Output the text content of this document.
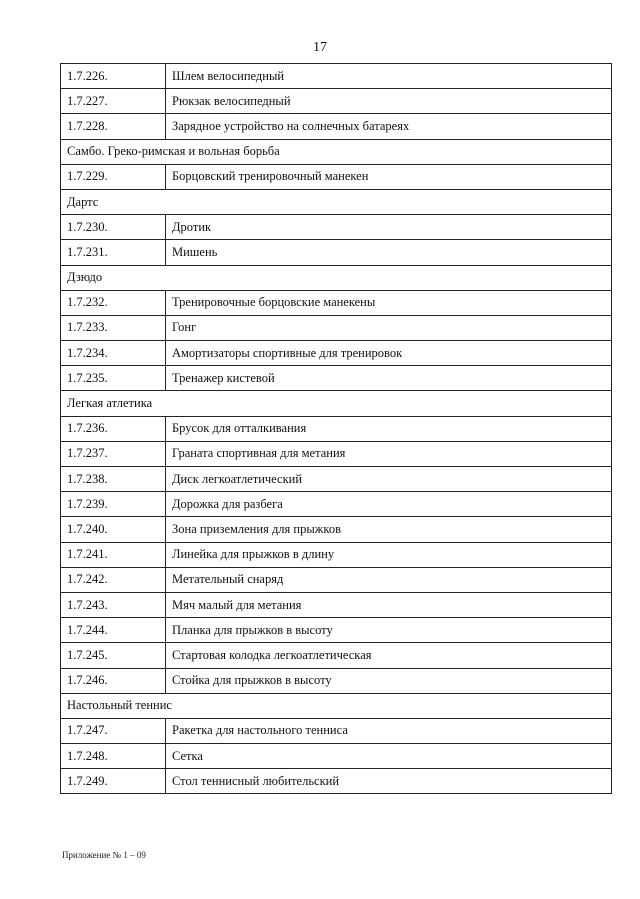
17
1.7.226.	Шлем велосипедный
1.7.227.	Рюкзак велосипедный
1.7.228.	Зарядное устройство на солнечных батареях
Самбо. Греко-римская и вольная борьба
1.7.229.	Борцовский тренировочный манекен
Дартс
1.7.230.	Дротик
1.7.231.	Мишень
Дзюдо
1.7.232.	Тренировочные борцовские манекены
1.7.233.	Гонг
1.7.234.	Амортизаторы спортивные для тренировок
1.7.235.	Тренажер кистевой
Легкая атлетика
1.7.236.	Брусок для отталкивания
1.7.237.	Граната спортивная для метания
1.7.238.	Диск легкоатлетический
1.7.239.	Дорожка для разбега
1.7.240.	Зона приземления для прыжков
1.7.241.	Линейка для прыжков в длину
1.7.242.	Метательный снаряд
1.7.243.	Мяч малый для метания
1.7.244.	Планка для прыжков в высоту
1.7.245.	Стартовая колодка легкоатлетическая
1.7.246.	Стойка для прыжков в высоту
Настольный теннис
1.7.247.	Ракетка для настольного тенниса
1.7.248.	Сетка
1.7.249.	Стол теннисный любительский
Приложение № 1 – 09
